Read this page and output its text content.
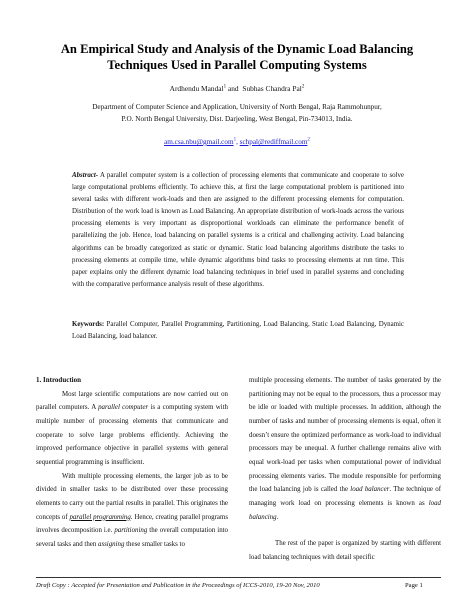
An Empirical Study and Analysis of the Dynamic Load Balancing
Techniques Used in Parallel Computing Systems
Ardhendu Mandal$^1$ and  Subhas Chandra Pal$^2$
Department of Computer Science and Application, University of North Bengal, Raja Rammohunpur,
P.O. North Bengal University, Dist. Darjeeling, West Bengal, Pin-734013, India.
am.csa.nbu@gmail.com$^1$, schpal@rediffmail.com$^2$
Abstract- A parallel computer system is a collection of processing elements that communicate and cooperate to solve large computational problems efficiently. To achieve this, at first the large computational problem is partitioned into several tasks with different work-loads and then are assigned to the different processing elements for computation. Distribution of the work load is known as Load Balancing. An appropriate distribution of work-loads across the various processing elements is very important as disproportional workloads can eliminate the performance benefit of parallelizing the job. Hence, load balancing on parallel systems is a critical and challenging activity. Load balancing algorithms can be broadly categorized as static or dynamic. Static load balancing algorithms distribute the tasks to processing elements at compile time, while dynamic algorithms bind tasks to processing elements at run time. This paper explains only the different dynamic load balancing techniques in brief used in parallel systems and concluding with the comparative performance analysis result of these algorithms.
Keywords: Parallel Computer, Parallel Programming, Partitioning, Load Balancing, Static Load Balancing, Dynamic Load Balancing, load balancer.
1. Introduction

Most large scientific computations are now carried out on parallel computers. A parallel computer is a computing system with multiple number of processing elements that communicate and cooperate to solve large problems efficiently. Achieving the improved performance objective in parallel systems with general sequential programming is insufficient.

With multiple processing elements, the larger job as to be divided in smaller tasks to be distributed over these processing elements to carry out the partial results in parallel. This originates the concepts of parallel programming. Hence, creating parallel programs involves decomposition i.e. partitioning the overall computation into several tasks and then assigning these smaller tasks to

multiple processing elements. The number of tasks generated by the partitioning may not be equal to the processors, thus a processor may be idle or loaded with multiple processes. In addition, although the number of tasks and number of processing elements is equal, often it doesn’t ensure the optimized performance as work-load to individual processors may be unequal. A further challenge remains alive with equal work-load per tasks when computational power of individual processing elements varies. The module responsible for performing the load balancing job is called the load balancer. The technique of managing work load on processing elements is known as load balancing.

The rest of the paper is organized by starting with different load balancing techniques with detail specific

Draft Copy : Accepted for Presentation and Publication in the Proceedings of ICCS-2010, 19-20 Nov, 2010	Page 1
